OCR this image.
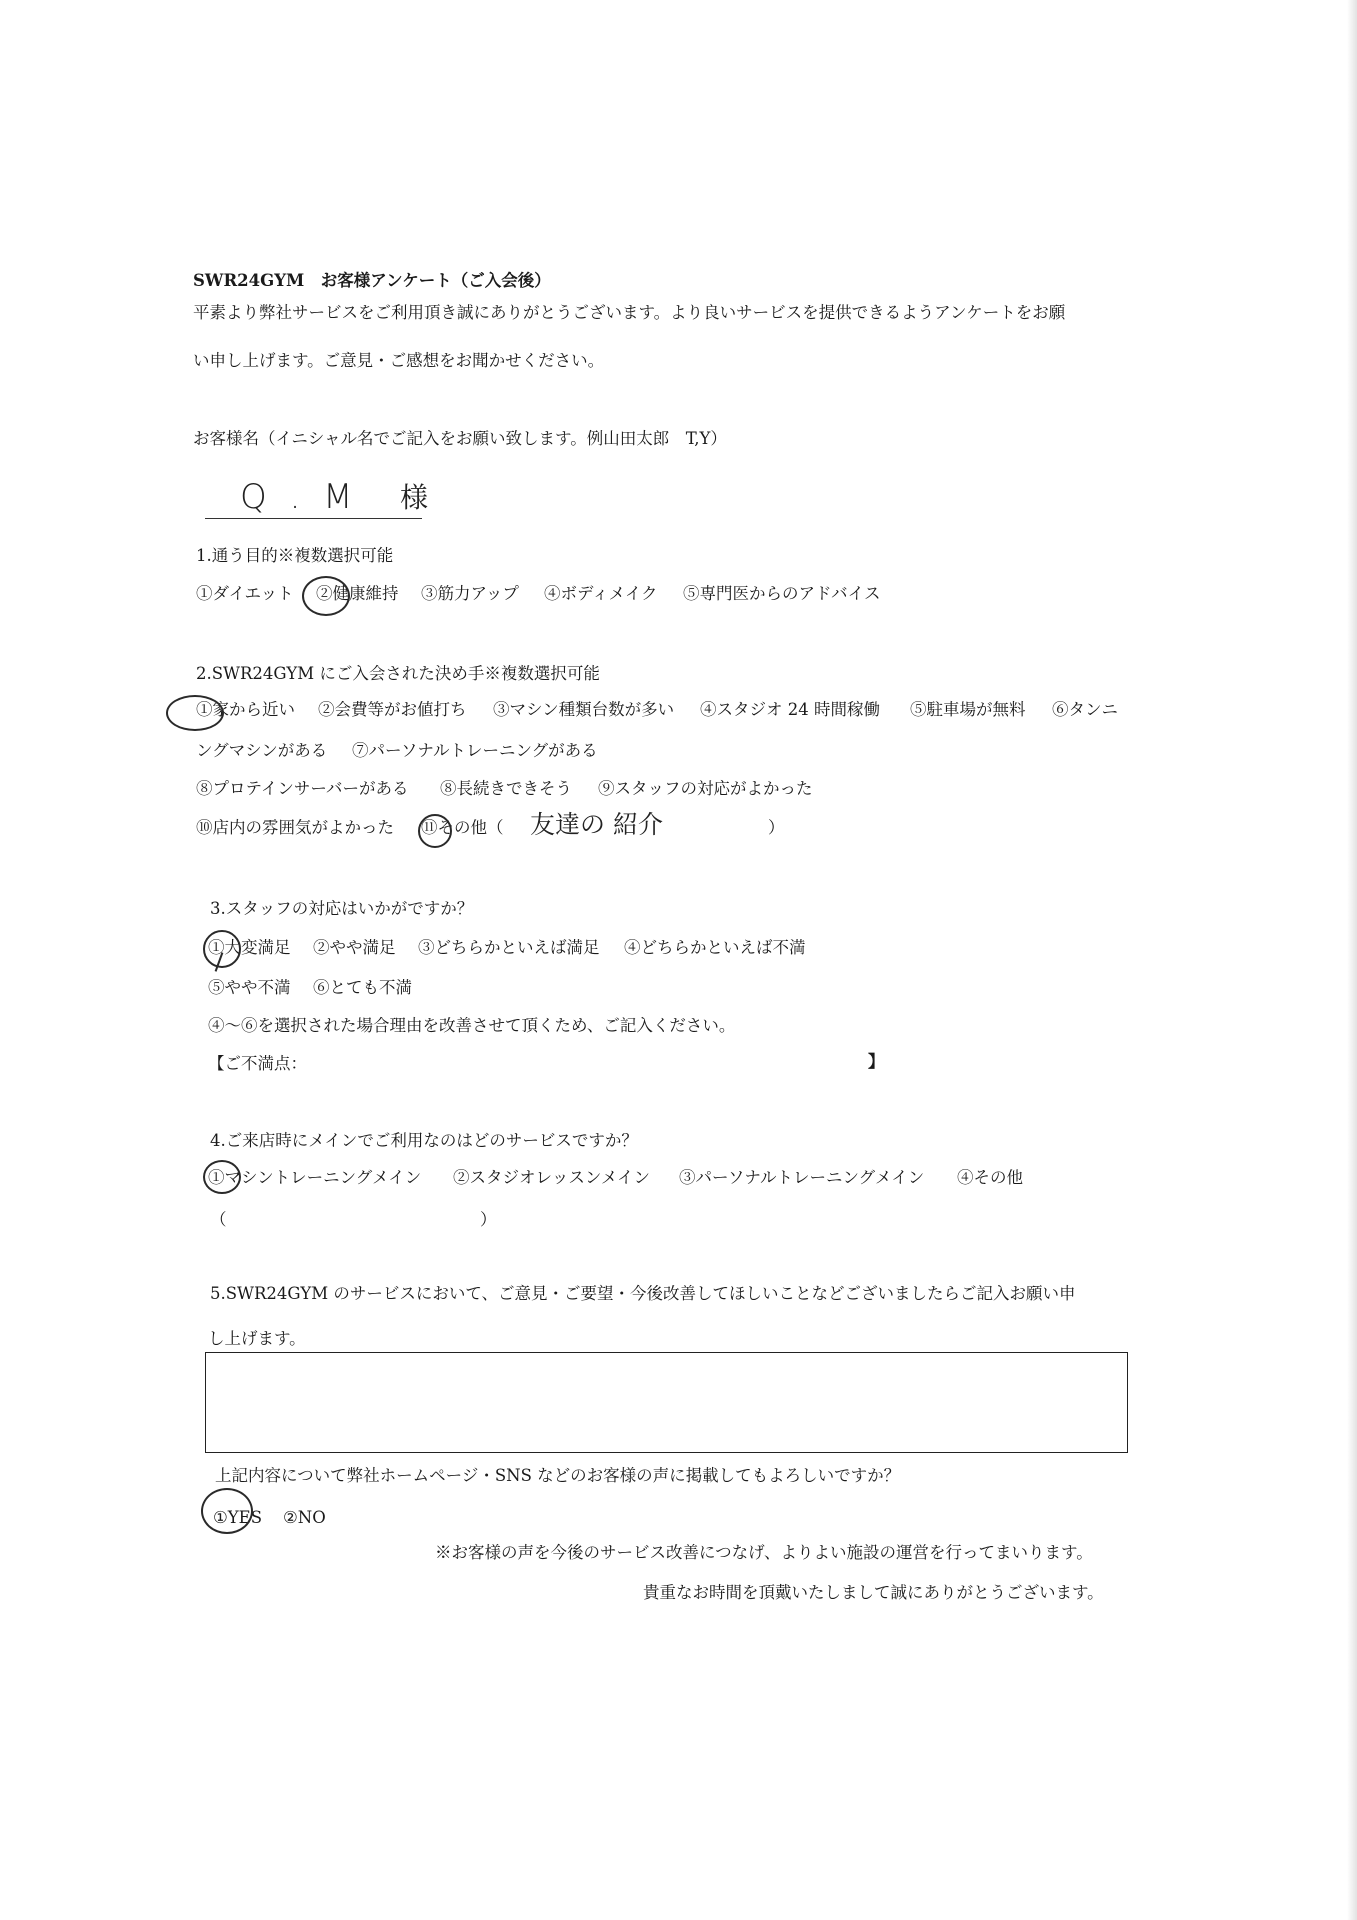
SWR24GYM　お客様アンケート（ご入会後）
平素より弊社サービスをご利用頂き誠にありがとうございます。より良いサービスを提供できるようアンケートをお願
い申し上げます。ご意見・ご感想をお聞かせください。
お客様名（イニシャル名でご記入をお願い致します。例山田太郎　T,Y）
Q . M 様
1.通う目的※複数選択可能
①ダイエット ②健康維持 ③筋力アップ ④ボディメイク ⑤専門医からのアドバイス
2.SWR24GYM にご入会された決め手※複数選択可能
①家から近い ②会費等がお値打ち ③マシン種類台数が多い ④スタジオ 24 時間稼働 ⑤駐車場が無料 ⑥タンニ
ングマシンがある ⑦パーソナルトレーニングがある
⑧プロテインサーバーがある ⑧長続きできそう ⑨スタッフの対応がよかった
⑩店内の雰囲気がよかった ⑪その他（ 友達の 紹介	）
3.スタッフの対応はいかがですか？
①大変満足 ②やや満足 ③どちらかといえば満足 ④どちらかといえば不満
⑤やや不満 ⑥とても不満
④～⑥を選択された場合理由を改善させて頂くため、ご記入ください。
【ご不満点：	】
4.ご来店時にメインでご利用なのはどのサービスですか？
①マシントレーニングメイン ②スタジオレッスンメイン ③パーソナルトレーニングメイン ④その他
（	）
5.SWR24GYM のサービスにおいて、ご意見・ご要望・今後改善してほしいことなどございましたらご記入お願い申
し上げます。
上記内容について弊社ホームページ・SNS などのお客様の声に掲載してもよろしいですか？
①YES ②NO
※お客様の声を今後のサービス改善につなげ、よりよい施設の運営を行ってまいります。
貴重なお時間を頂戴いたしまして誠にありがとうございます。
